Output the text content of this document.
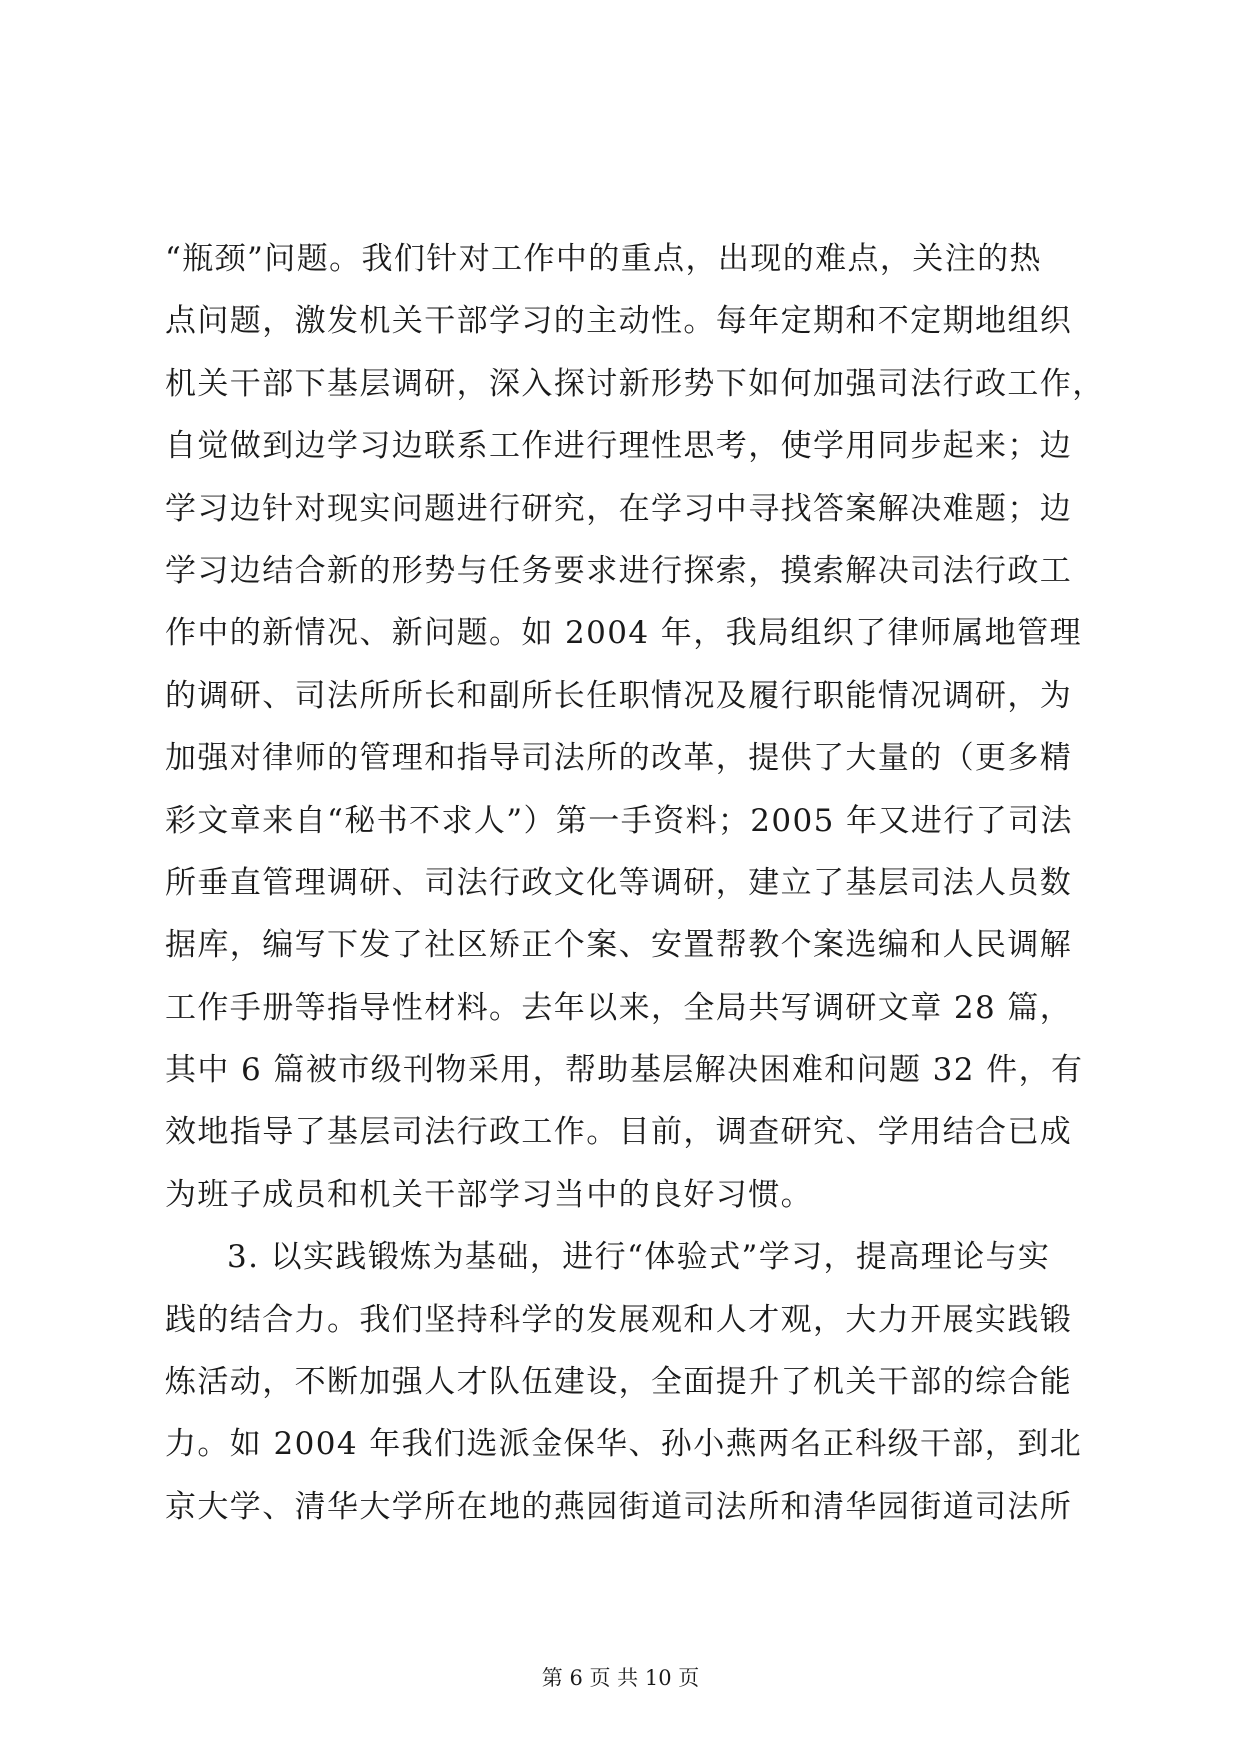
“瓶颈”问题。我们针对工作中的重点，出现的难点，关注的热
点问题，激发机关干部学习的主动性。每年定期和不定期地组织
机关干部下基层调研，深入探讨新形势下如何加强司法行政工作，
自觉做到边学习边联系工作进行理性思考，使学用同步起来；边
学习边针对现实问题进行研究，在学习中寻找答案解决难题；边
学习边结合新的形势与任务要求进行探索，摸索解决司法行政工
作中的新情况、新问题。如 2004 年，我局组织了律师属地管理
的调研、司法所所长和副所长任职情况及履行职能情况调研，为
加强对律师的管理和指导司法所的改革，提供了大量的（更多精
彩文章来自“秘书不求人”）第一手资料；2005 年又进行了司法
所垂直管理调研、司法行政文化等调研，建立了基层司法人员数
据库，编写下发了社区矫正个案、安置帮教个案选编和人民调解
工作手册等指导性材料。去年以来，全局共写调研文章 28 篇，
其中 6 篇被市级刊物采用，帮助基层解决困难和问题 32 件，有
效地指导了基层司法行政工作。目前，调查研究、学用结合已成
为班子成员和机关干部学习当中的良好习惯。
3. 以实践锻炼为基础，进行“体验式”学习，提高理论与实
践的结合力。我们坚持科学的发展观和人才观，大力开展实践锻
炼活动，不断加强人才队伍建设，全面提升了机关干部的综合能
力。如 2004 年我们选派金保华、孙小燕两名正科级干部，到北
京大学、清华大学所在地的燕园街道司法所和清华园街道司法所
第 6 页 共 10 页
